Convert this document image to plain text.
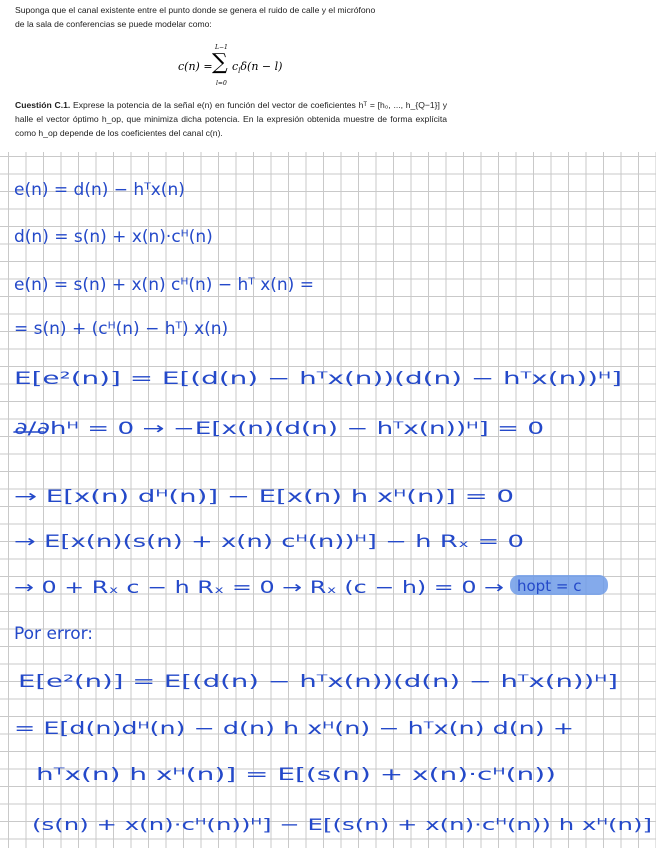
Suponga que el canal existente entre el punto donde se genera el ruido de calle y el micrófono
de la sala de conferencias se puede modelar como:

c(n) =
L−1
∑
l=0
$c_l\delta(n - l)$

Cuestión C.1. Exprese la potencia de la señal e(n) en función del vector de coeficientes hᵀ = [h₀, ..., h_{Q−1}] y halle el vector óptimo h_op, que minimiza dicha potencia. En la expresión obtenida muestre de forma explícita como h_op depende de los coeficientes del canal c(n).

e(n) = d(n) − hᵀx(n)
d(n) = s(n) + x(n)·cᴴ(n)
e(n) = s(n) + x(n) cᴴ(n) − hᵀ x(n) =
= s(n) + (cᴴ(n) − hᵀ) x(n)
E[e²(n)] = E[(d(n) − hᵀx(n))(d(n) − hᵀx(n))ᴴ]
∂/∂hᴴ = 0 → −E[x(n)(d(n) − hᵀx(n))ᴴ] = 0
→ E[x(n) dᴴ(n)] − E[x(n) h xᴴ(n)] = 0
→ E[x(n)(s(n) + x(n) cᴴ(n))ᴴ] − h Rₓ = 0
→ 0 + Rₓ c − h Rₓ = 0 → Rₓ (c − h) = 0 → hopt = c
Por error:
E[e²(n)] = E[(d(n) − hᵀx(n))(d(n) − hᵀx(n))ᴴ]
= E[d(n)dᴴ(n) − d(n) h xᴴ(n) − hᵀx(n) d(n) +
hᵀx(n) h xᴴ(n)] = E[(s(n) + x(n)·cᴴ(n))
(s(n) + x(n)·cᴴ(n))ᴴ] − E[(s(n) + x(n)·cᴴ(n)) h xᴴ(n)]
